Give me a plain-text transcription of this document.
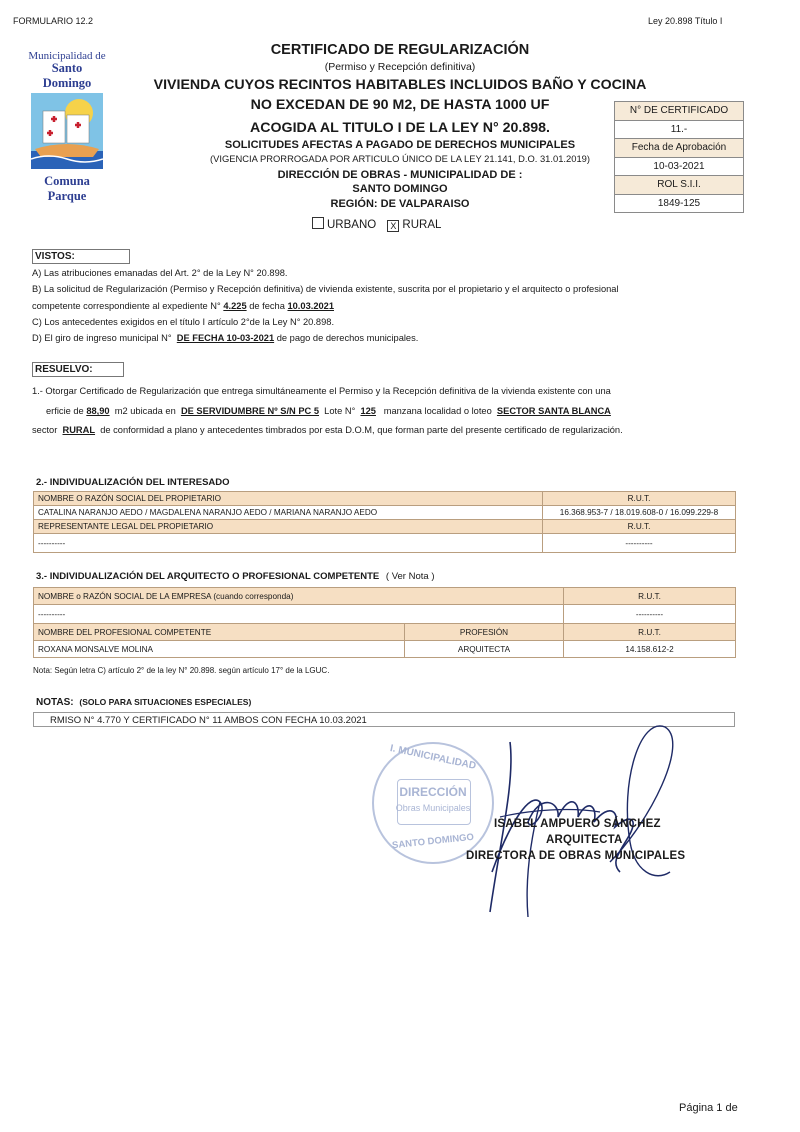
FORMULARIO 12.2	Ley 20.898 Título I
Municipalidad de
Santo Domingo
Comuna Parque
CERTIFICADO DE REGULARIZACIÓN
(Permiso y Recepción definitiva)
VIVIENDA CUYOS RECINTOS HABITABLES INCLUIDOS BAÑO Y COCINA
NO EXCEDAN DE 90 M2, DE HASTA 1000 UF
ACOGIDA AL TITULO I DE LA LEY N° 20.898.
SOLICITUDES AFECTAS A PAGADO DE DERECHOS MUNICIPALES
(VIGENCIA PRORROGADA POR ARTICULO ÚNICO DE LA LEY 21.141, D.O. 31.01.2019)
DIRECCIÓN DE OBRAS - MUNICIPALIDAD DE :
SANTO DOMINGO
REGIÓN: DE VALPARAISO
URBANO X RURAL
N° DE CERTIFICADO
11.-
Fecha de Aprobación
10-03-2021
ROL S.I.I.
1849-125
VISTOS:
A) Las atribuciones emanadas del Art. 2° de la Ley N° 20.898.
B) La solicitud de Regularización (Permiso y Recepción definitiva) de vivienda existente, suscrita por el propietario y el arquitecto o profesional
competente correspondiente al expediente N° 4.225 de fecha 10.03.2021
C) Los antecedentes exigidos en el título I artículo 2°de la Ley N° 20.898.
D) El giro de ingreso municipal N° DE FECHA 10-03-2021 de pago de derechos municipales.
RESUELVO:
1.- Otorgar Certificado de Regularización que entrega simultáneamente el Permiso y la Recepción definitiva de la vivienda existente con una
erficie de 88,90 m2 ubicada en DE SERVIDUMBRE Nº S/N PC 5 Lote N° 125 manzana localidad o loteo SECTOR SANTA BLANCA
sector RURAL de conformidad a plano y antecedentes timbrados por esta D.O.M, que forman parte del presente certificado de regularización.
2.- INDIVIDUALIZACIÓN DEL INTERESADO
NOMBRE O RAZÓN SOCIAL DEL PROPIETARIO	R.U.T.
CATALINA NARANJO AEDO / MAGDALENA NARANJO AEDO / MARIANA NARANJO AEDO	16.368.953-7 / 18.019.608-0 / 16.099.229-8
REPRESENTANTE LEGAL DEL PROPIETARIO	R.U.T.
----------	----------
3.- INDIVIDUALIZACIÓN DEL ARQUITECTO O PROFESIONAL COMPETENTE ( Ver Nota )
NOMBRE o RAZÓN SOCIAL DE LA EMPRESA (cuando corresponda)		R.U.T.
----------		----------
NOMBRE DEL PROFESIONAL COMPETENTE	PROFESIÓN	R.U.T.
ROXANA MONSALVE MOLINA	ARQUITECTA	14.158.612-2
Nota: Según letra C) artículo 2° de la ley N° 20.898. según artículo 17° de la LGUC.
NOTAS: (SOLO PARA SITUACIONES ESPECIALES)
RMISO N° 4.770 Y CERTIFICADO N° 11 AMBOS CON FECHA 10.03.2021
I. MUNICIPALIDAD
DIRECCIÓN
Obras Municipales
SANTO DOMINGO
ISABEL AMPUERO SÁNCHEZ
ARQUITECTA
DIRECTORA DE OBRAS MUNICIPALES
Página 1 de
